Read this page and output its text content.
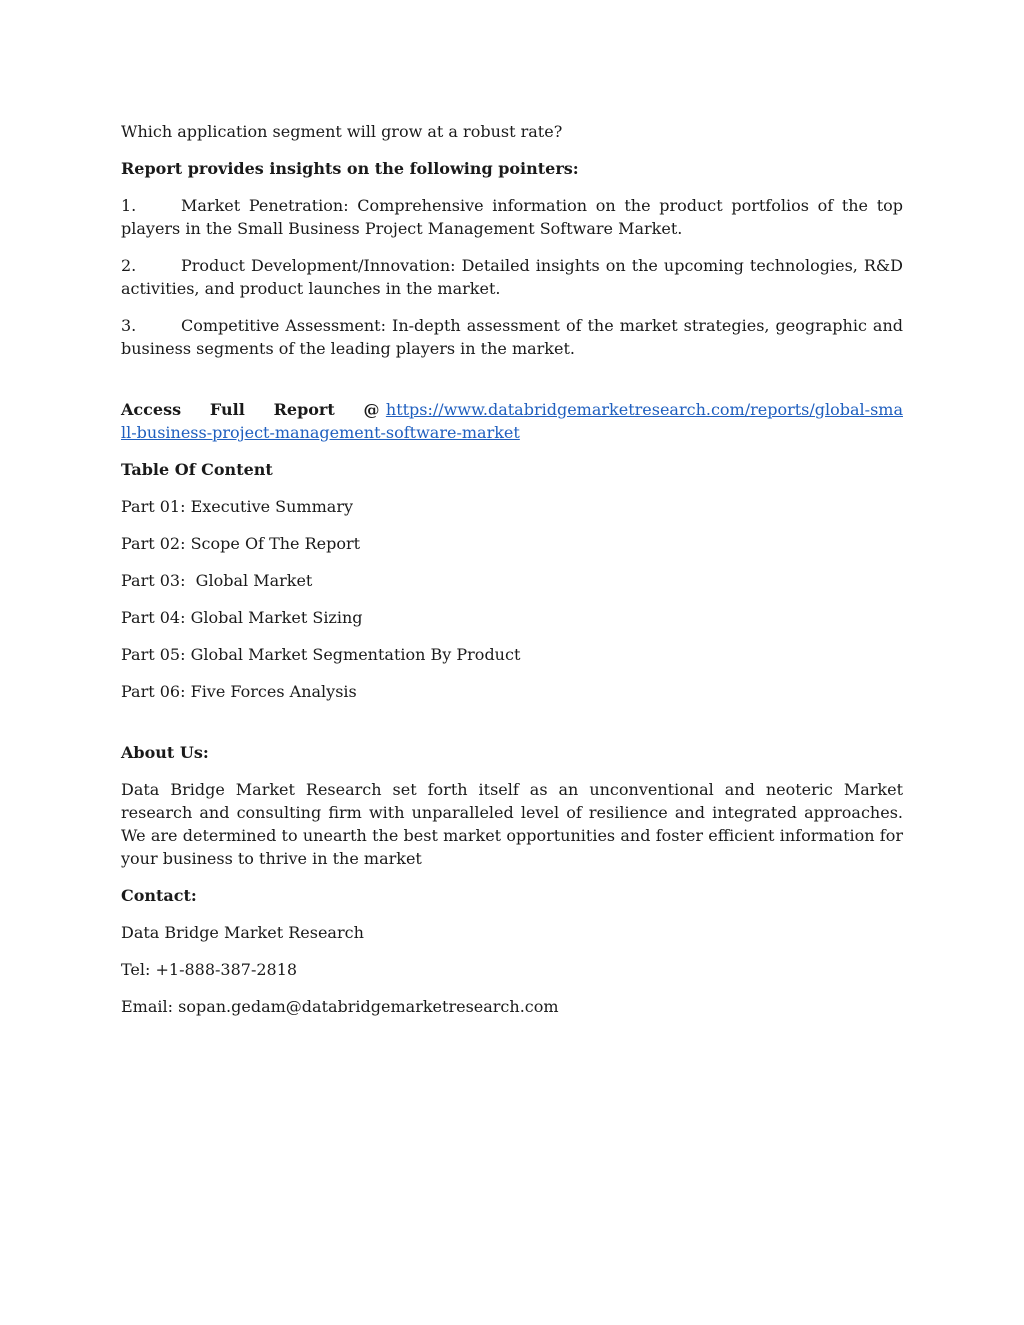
Which application segment will grow at a robust rate?

Report provides insights on the following pointers:

1.	Market Penetration: Comprehensive information on the product portfolios of the top players in the Small Business Project Management Software Market.
2.	Product Development/Innovation: Detailed insights on the upcoming technologies, R&D activities, and product launches in the market.
3.	Competitive Assessment: In-depth assessment of the market strategies, geographic and business segments of the leading players in the market.

Access Full Report @ https://www.databridgemarketresearch.com/reports/global-small-business-project-management-software-market

Table Of Content

Part 01: Executive Summary

Part 02: Scope Of The Report

Part 03:  Global Market

Part 04: Global Market Sizing

Part 05: Global Market Segmentation By Product

Part 06: Five Forces Analysis

About Us:

Data Bridge Market Research set forth itself as an unconventional and neoteric Market research and consulting firm with unparalleled level of resilience and integrated approaches. We are determined to unearth the best market opportunities and foster efficient information for your business to thrive in the market

Contact:

Data Bridge Market Research

Tel: +1-888-387-2818

Email: sopan.gedam@databridgemarketresearch.com
